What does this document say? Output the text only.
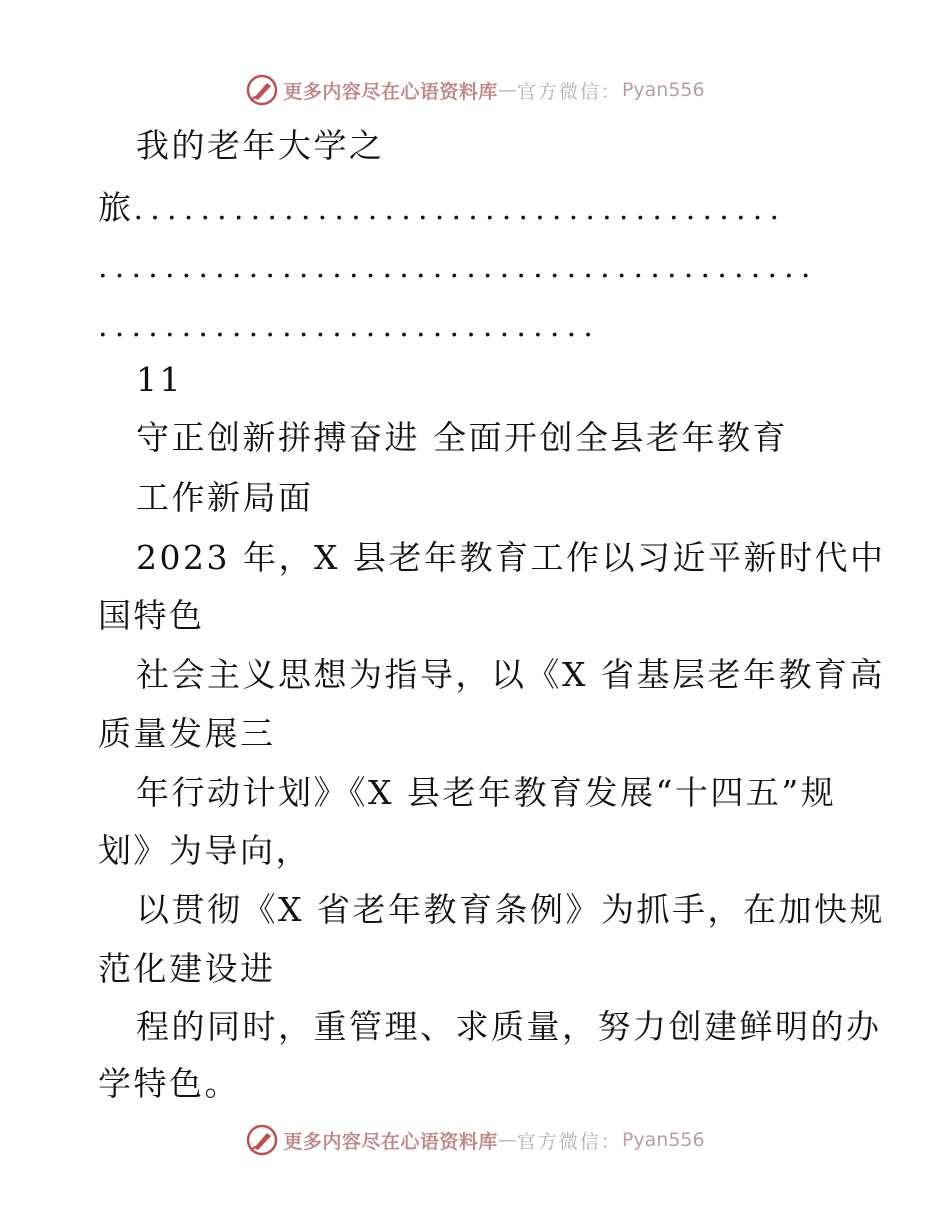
更多内容尽在心语资料库 — 官方微信： Pyan556
我的老年大学之
旅.......................................
...........................................
..............................
11
守正创新拼搏奋进 全面开创全县老年教育
工作新局面
2023 年，X 县老年教育工作以习近平新时代中
国特色
社会主义思想为指导，以《X 省基层老年教育高
质量发展三
年行动计划》《X 县老年教育发展“十四五”规
划》为导向，
以贯彻《X 省老年教育条例》为抓手，在加快规
范化建设进
程的同时，重管理、求质量，努力创建鲜明的办
学特色。
更多内容尽在心语资料库 — 官方微信： Pyan556
